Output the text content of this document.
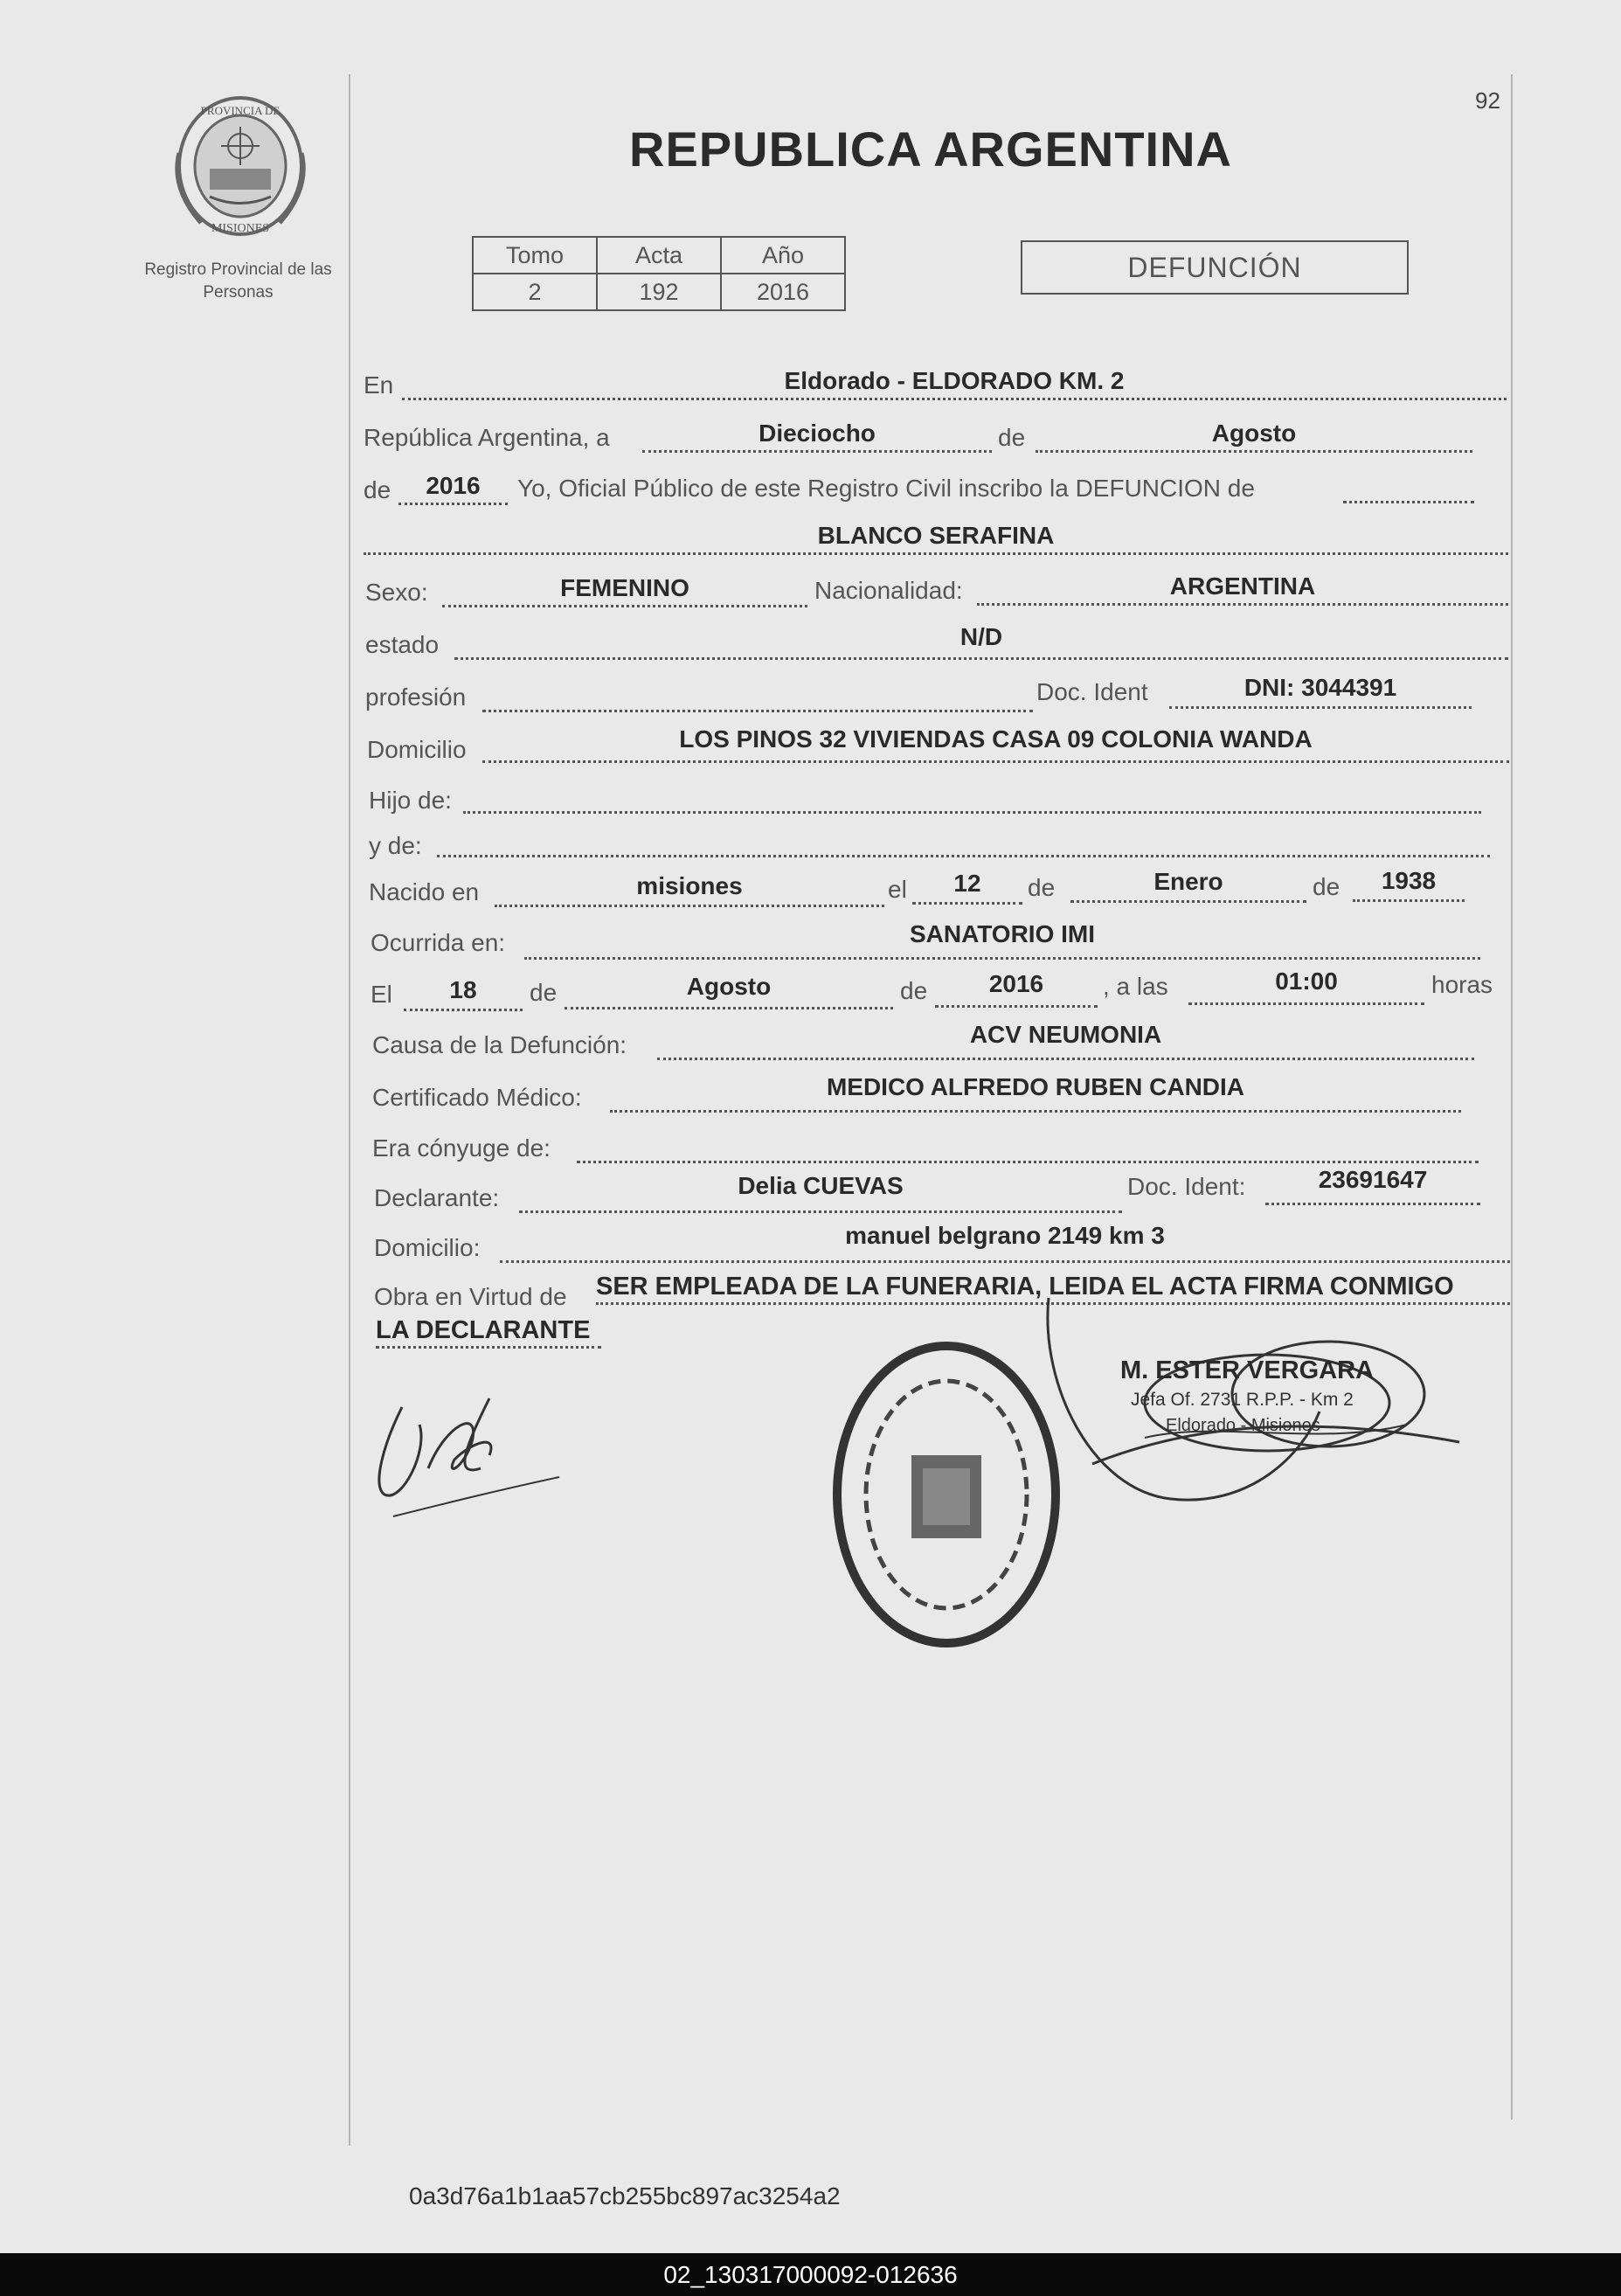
92
PROVINCIA DE
MISIONES
Registro Provincial de las Personas
REPUBLICA ARGENTINA
Tomo	Acta	Año
2	192	2016
DEFUNCIÓN
En	Eldorado - ELDORADO KM. 2
República Argentina, a	Dieciocho	de	Agosto
de	2016	Yo, Oficial Público de este Registro Civil inscribo la DEFUNCION de
BLANCO SERAFINA
Sexo:	FEMENINO	Nacionalidad:	ARGENTINA
estado	N/D
profesión	Doc. Ident	DNI: 3044391
Domicilio	LOS PINOS 32 VIVIENDAS CASA 09 COLONIA WANDA
Hijo de:
y de:
Nacido en	misiones	el	12	de	Enero	de	1938
Ocurrida en:	SANATORIO IMI
El	18	de	Agosto	de	2016	, a las	01:00	horas
Causa de la Defunción:	ACV NEUMONIA
Certificado Médico:	MEDICO ALFREDO RUBEN CANDIA
Era cónyuge de:
Declarante:	Delia CUEVAS	Doc. Ident:	23691647
Domicilio:	manuel belgrano 2149 km 3
Obra en Virtud de SER EMPLEADA DE LA FUNERARIA, LEIDA EL ACTA FIRMA CONMIGO
LA DECLARANTE
M. ESTER VERGARA
Jefa Of. 2731 R.P.P. - Km 2
Eldorado - Misiones
0a3d76a1b1aa57cb255bc897ac3254a2
02_130317000092-012636
